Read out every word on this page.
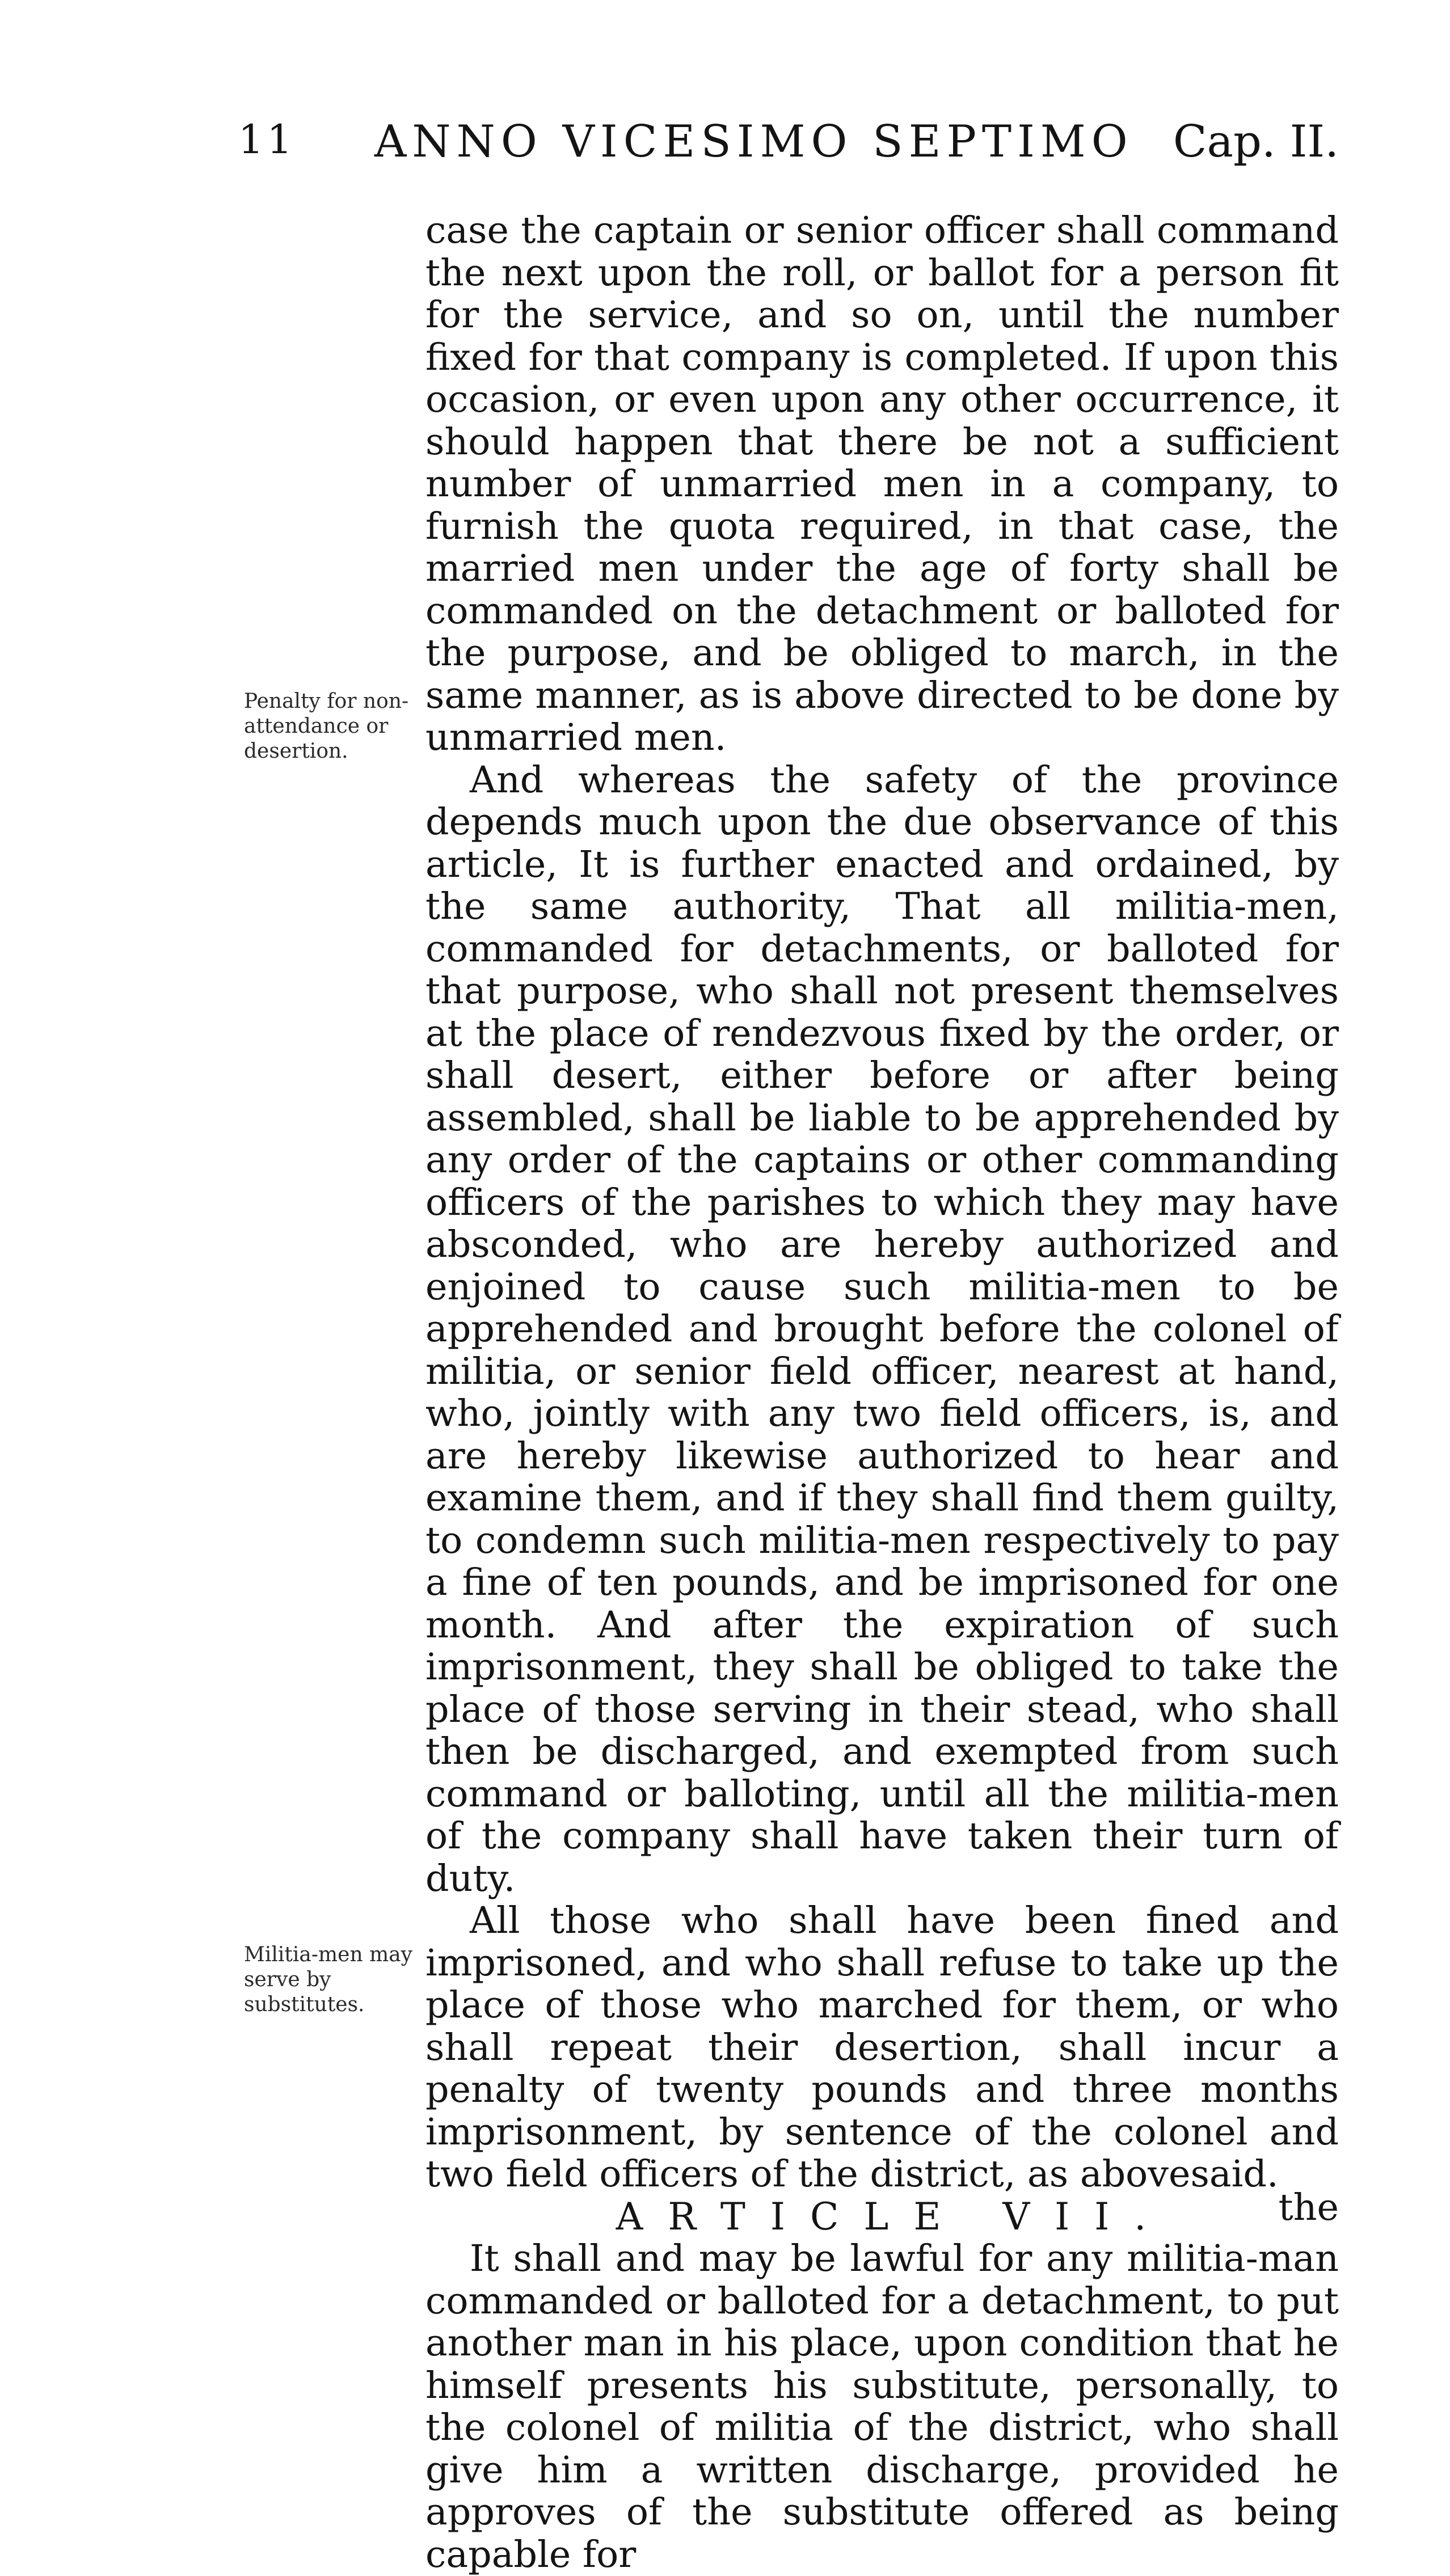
11 ANNO VICESIMO SEPTIMO Cap. II.
Penalty for non-attendance or desertion.
Militia-men may serve by substitutes.

case the captain or senior officer shall command the next upon the roll, or ballot for a person fit for the service, and so on, until the number fixed for that company is completed. If upon this occasion, or even upon any other occurrence, it should happen that there be not a sufficient number of unmarried men in a company, to furnish the quota required, in that case, the married men under the age of forty shall be commanded on the detachment or balloted for the purpose, and be obliged to march, in the same manner, as is above directed to be done by unmarried men.

And whereas the safety of the province depends much upon the due observance of this article, It is further enacted and ordained, by the same authority, That all militia-men, commanded for detachments, or balloted for that purpose, who shall not present themselves at the place of rendezvous fixed by the order, or shall desert, either before or after being assembled, shall be liable to be apprehended by any order of the captains or other commanding officers of the parishes to which they may have absconded, who are hereby authorized and enjoined to cause such militia-men to be apprehended and brought before the colonel of militia, or senior field officer, nearest at hand, who, jointly with any two field officers, is, and are hereby likewise authorized to hear and examine them, and if they shall find them guilty, to condemn such militia-men respectively to pay a fine of ten pounds, and be imprisoned for one month. And after the expiration of such imprisonment, they shall be obliged to take the place of those serving in their stead, who shall then be discharged, and exempted from such command or balloting, until all the militia-men of the company shall have taken their turn of duty.

All those who shall have been fined and imprisoned, and who shall refuse to take up the place of those who marched for them, or who shall repeat their desertion, shall incur a penalty of twenty pounds and three months imprisonment, by sentence of the colonel and two field officers of the district, as abovesaid.

ARTICLE VII.

It shall and may be lawful for any militia-man commanded or balloted for a detachment, to put another man in his place, upon condition that he himself presents his substitute, personally, to the colonel of militia of the district, who shall give him a written discharge, provided he approves of the substitute offered as being capable for

the
